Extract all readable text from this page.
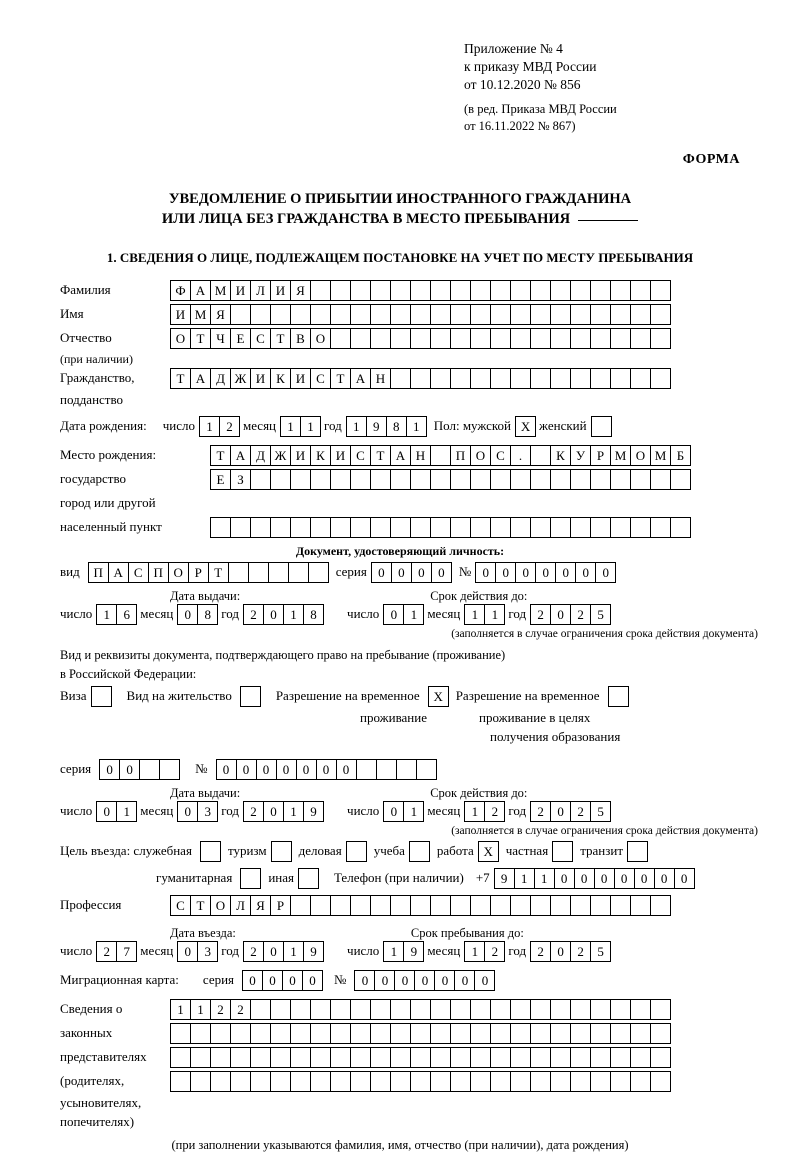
Приложение № 4
к приказу МВД России
от 10.12.2020 № 856
(в ред. Приказа МВД России
от 16.11.2022 № 867)
ФОРМА
УВЕДОМЛЕНИЕ О ПРИБЫТИИ ИНОСТРАННОГО ГРАЖДАНИНА
ИЛИ ЛИЦА БЕЗ ГРАЖДАНСТВА В МЕСТО ПРЕБЫВАНИЯ
1. СВЕДЕНИЯ О ЛИЦЕ, ПОДЛЕЖАЩЕМ ПОСТАНОВКЕ НА УЧЕТ ПО МЕСТУ ПРЕБЫВАНИЯ
Фамилия	Ф А М И Л И Я
Имя	И М Я
Отчество	О Т Ч Е С Т В О
(при наличии)
Гражданство,	Т А Д Ж И К И С Т А Н
подданство
Дата рождения: число 1	2 месяц 1	1 год 1	9	8	1	Пол: мужской X женский
Место рождения:	Т А Д Ж И К И С Т А Н	П О С	.	К У Р М О М Б
государство	Е З
город или другой
населенный пункт
Документ, удостоверяющий личность:
вид	П А С П О Р Т	серия 0	0	0	0	№ 0	0	0	0	0	0	0
Дата выдачи:	Срок действия до:
число 1	6 месяц 0	8 год 2	0	1	8	число 0	1 месяц 1	1 год 2	0	2	5
(заполняется в случае ограничения срока действия документа)
Вид и реквизиты документа, подтверждающего право на пребывание (проживание)
в Российской Федерации:
Виза	Вид на жительство	Разрешение на временное	X Разрешение на временное
проживание	проживание в целях
получения образования
серия	0	0	№	0	0	0	0	0	0	0
Дата выдачи:	Срок действия до:
число 0	1 месяц 0	3 год 2	0	1	9	число 0	1 месяц 1	2 год 2	0	2	5
(заполняется в случае ограничения срока действия документа)
Цель въезда: служебная	туризм деловая учеба работа X частная транзит
гуманитарная	иная	Телефон (при наличии) +7 9	1	1	0	0	0	0	0	0	0
Профессия	С Т О Л Я Р
Дата въезда:	Срок пребывания до:
число 2	7 месяц 0	3 год 2	0	1	9	число 1	9 месяц 1	2 год 2	0	2	5
Миграционная карта: серия	0	0	0	0	№	0	0	0	0	0	0	0
Сведения о	1	1	2	2
законных
представителях
(родителях,
усыновителях,
попечителях)
(при заполнении указываются фамилия, имя, отчество (при наличии), дата рождения)
